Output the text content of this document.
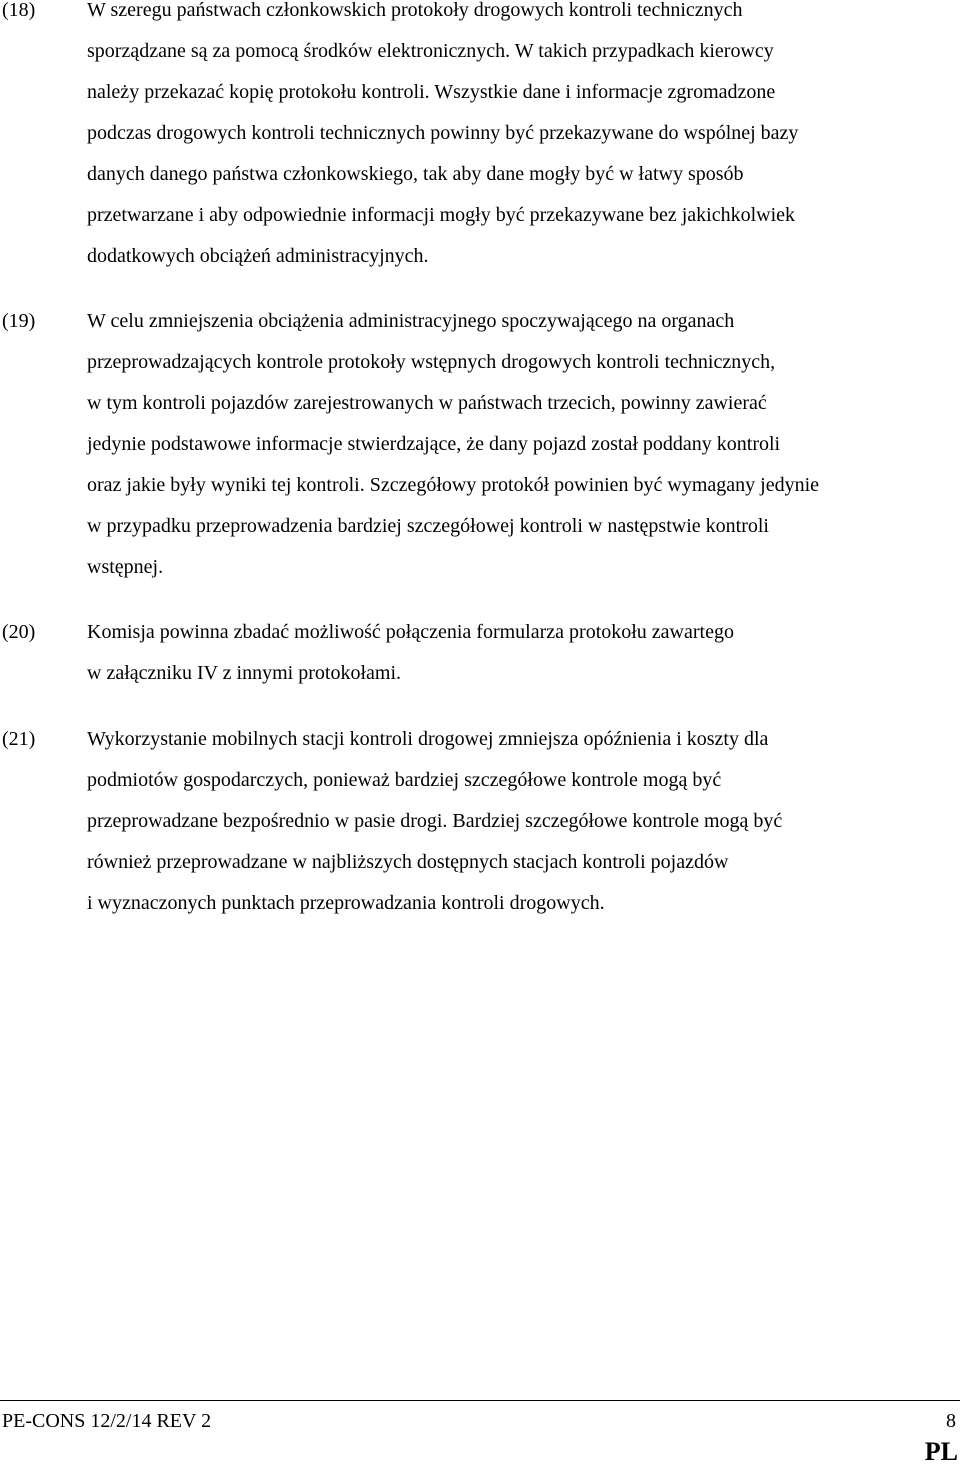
(18)	W szeregu państwach członkowskich protokoły drogowych kontroli technicznych
sporządzane są za pomocą środków elektronicznych. W takich przypadkach kierowcy
należy przekazać kopię protokołu kontroli. Wszystkie dane i informacje zgromadzone
podczas drogowych kontroli technicznych powinny być przekazywane do wspólnej bazy
danych danego państwa członkowskiego, tak aby dane mogły być w łatwy sposób
przetwarzane i aby odpowiednie informacji mogły być przekazywane bez jakichkolwiek
dodatkowych obciążeń administracyjnych.
(19)	W celu zmniejszenia obciążenia administracyjnego spoczywającego na organach
przeprowadzających kontrole protokoły wstępnych drogowych kontroli technicznych,
w tym kontroli pojazdów zarejestrowanych w państwach trzecich, powinny zawierać
jedynie podstawowe informacje stwierdzające, że dany pojazd został poddany kontroli
oraz jakie były wyniki tej kontroli. Szczegółowy protokół powinien być wymagany jedynie
w przypadku przeprowadzenia bardziej szczegółowej kontroli w następstwie kontroli
wstępnej.
(20)	Komisja powinna zbadać możliwość połączenia formularza protokołu zawartego
w załączniku IV z innymi protokołami.
(21)	Wykorzystanie mobilnych stacji kontroli drogowej zmniejsza opóźnienia i koszty dla
podmiotów gospodarczych, ponieważ bardziej szczegółowe kontrole mogą być
przeprowadzane bezpośrednio w pasie drogi. Bardziej szczegółowe kontrole mogą być
również przeprowadzane w najbliższych dostępnych stacjach kontroli pojazdów
i wyznaczonych punktach przeprowadzania kontroli drogowych.
PE-CONS 12/2/14 REV 2	8
PL
